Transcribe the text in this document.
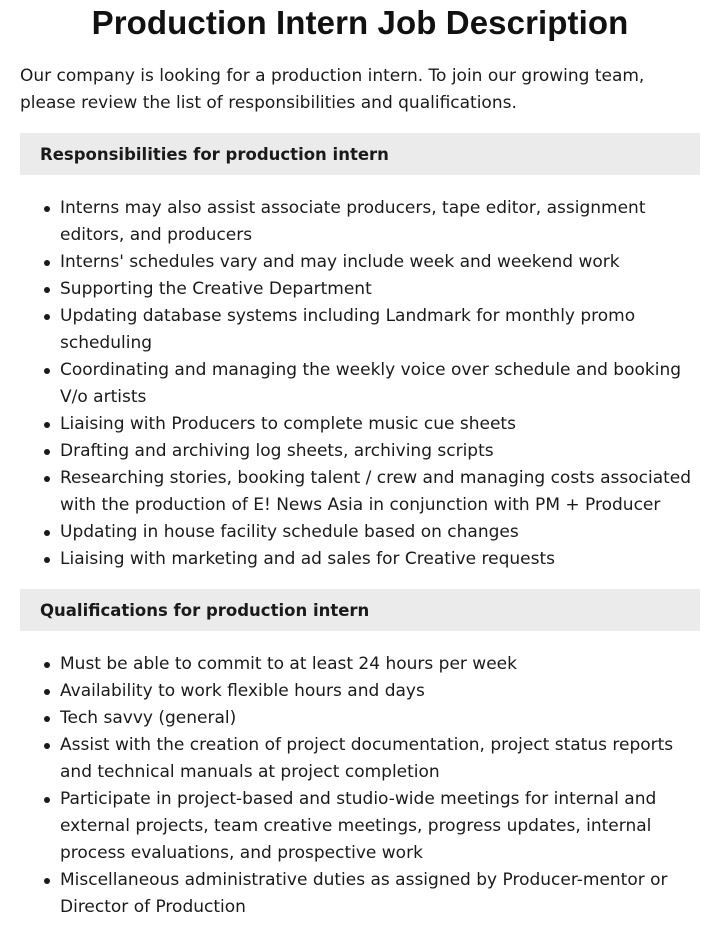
Production Intern Job Description

Our company is looking for a production intern. To join our growing team, please review the list of responsibilities and qualifications.

Responsibilities for production intern
Interns may also assist associate producers, tape editor, assignment editors, and producers
Interns' schedules vary and may include week and weekend work
Supporting the Creative Department
Updating database systems including Landmark for monthly promo scheduling
Coordinating and managing the weekly voice over schedule and booking V/o artists
Liaising with Producers to complete music cue sheets
Drafting and archiving log sheets, archiving scripts
Researching stories, booking talent / crew and managing costs associated with the production of E! News Asia in conjunction with PM + Producer
Updating in house facility schedule based on changes
Liaising with marketing and ad sales for Creative requests
Qualifications for production intern
Must be able to commit to at least 24 hours per week
Availability to work flexible hours and days
Tech savvy (general)
Assist with the creation of project documentation, project status reports and technical manuals at project completion
Participate in project-based and studio-wide meetings for internal and external projects, team creative meetings, progress updates, internal process evaluations, and prospective work
Miscellaneous administrative duties as assigned by Producer-mentor or Director of Production
